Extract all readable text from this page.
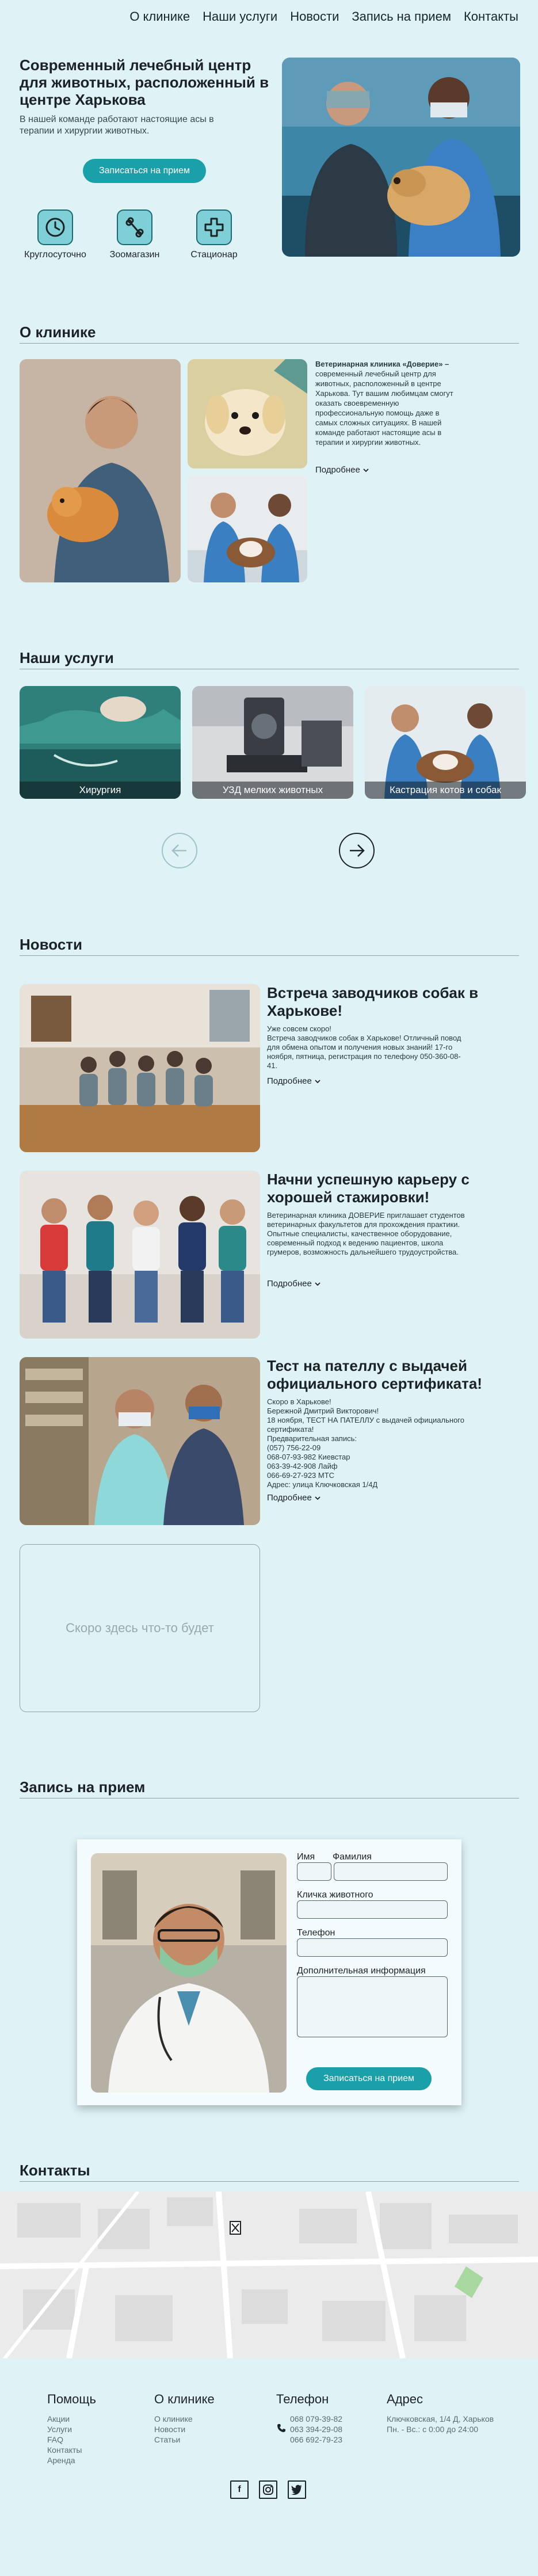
О клинике Наши услуги Новости Запись на прием Контакты
Современный лечебный центр для животных, расположенный в центре Харькова

В нашей команде работают настоящие асы в терапии и хирургии животных.

Записаться на прием
Круглосуточно	Зоомагазин	Стационар
О клинике

Ветеринарная клиника «Доверие» – современный лечебный центр для животных, расположенный в центре Харькова. Тут вашим любимцам смогут оказать своевременную профессиональную помощь даже в самых сложных ситуациях. В нашей команде работают настоящие асы в терапии и хирургии животных.

Подробнее
Наши услуги
Хирургия	УЗД мелких животных	Кастрация котов и собак
Новости
Встреча заводчиков собак в Харькове!
Уже совсем скоро!
Встреча заводчиков собак в Харькове! Отличный повод для обмена опытом и получения новых знаний! 17-го ноября, пятница, регистрация по телефону 050-360-08-41.
Подробнее
Начни успешную карьеру с хорошей стажировки!
Ветеринарная клиника ДОВЕРИЕ приглашает студентов ветеринарных факультетов для прохождения практики. Опытные специалисты, качественное оборудование, современный подход к ведению пациентов, школа грумеров, возможность дальнейшего трудоустройства.
Подробнее
Тест на пателлу с выдачей официального сертификата!
Скоро в Харькове!
Бережной Дмитрий Викторович!
18 ноября, ТЕСТ НА ПАТЕЛЛУ с выдачей официального сертификата!
Предварительная запись:
(057) 756-22-09
068-07-93-982 Киевстар
063-39-42-908 Лайф
066-69-27-923 МТС
Адрес: улица Ключковская 1/4Д
Подробнее
Скоро здесь что-то будет
Запись на прием
Имя Фамилия
Кличка животного
Телефон
Дополнительная информация
Записаться на прием
Контакты
Помощь
Акции
Услуги
FAQ
Контакты
Аренда
О клинике
О клинике
Новости
Статьи
Телефон
068 079-39-82
063 394-29-08
066 692-79-23
Адрес

Ключковская, 1/4 Д, Харьков

Пн. - Вс.: с 0:00 до 24:00

f
